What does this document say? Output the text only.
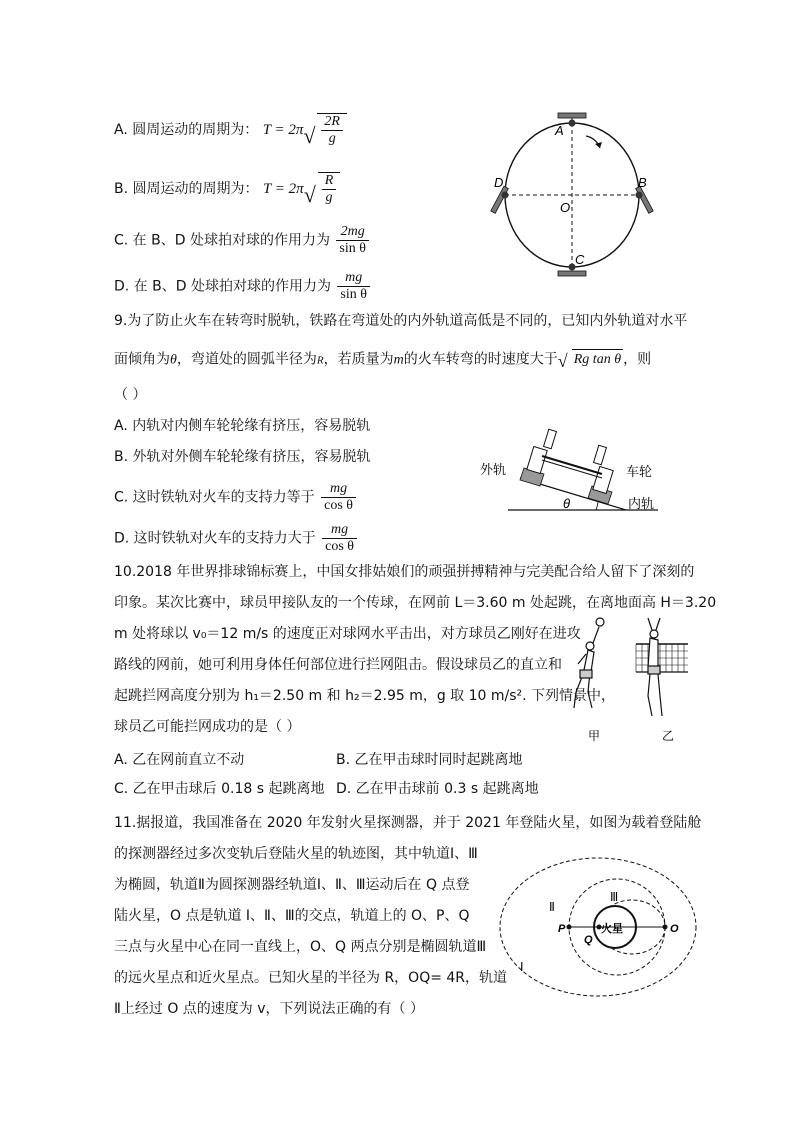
A. 圆周运动的周期为： T = 2π √ $\frac{2R}{g}$
B. 圆周运动的周期为： T = 2π √ $\frac{R}{g}$
C. 在 B、D 处球拍对球的作用力为 $\frac{2mg}{\text{sin θ}}$
D. 在 B、D 处球拍对球的作用力为 $\frac{mg}{\text{sin θ}}$
A
B
C
D
O
9.为了防止火车在转弯时脱轨，铁路在弯道处的内外轨道高低是不同的，已知内外轨道对水平
面倾角为θ，弯道处的圆弧半径为R，若质量为m的火车转弯的时速度大于 √ Rg tan θ ，则
（ ）
A. 内轨对内侧车轮轮缘有挤压，容易脱轨
B. 外轨对外侧车轮轮缘有挤压，容易脱轨
C. 这时铁轨对火车的支持力等于 $\frac{mg}{\text{cos θ}}$
D. 这时铁轨对火车的支持力大于 $\frac{mg}{\text{cos θ}}$
外轨	车轮
内轨
θ
10.2018 年世界排球锦标赛上，中国女排姑娘们的顽强拼搏精神与完美配合给人留下了深刻的
印象。某次比赛中，球员甲接队友的一个传球，在网前 L＝3.60 m 处起跳，在离地面高 H＝3.20
m 处将球以 v₀＝12 m/s 的速度正对球网水平击出，对方球员乙刚好在进攻
路线的网前，她可利用身体任何部位进行拦网阻击。假设球员乙的直立和
起跳拦网高度分别为 h₁＝2.50 m 和 h₂＝2.95 m，g 取 10 m/s². 下列情景中，
球员乙可能拦网成功的是（ ）
A. 乙在网前直立不动	B. 乙在甲击球时同时起跳离地
C. 乙在甲击球后 0.18 s 起跳离地 D. 乙在甲击球前 0.3 s 起跳离地
甲	乙
11.据报道，我国准备在 2020 年发射火星探测器，并于 2021 年登陆火星，如图为载着登陆舱
的探测器经过多次变轨后登陆火星的轨迹图，其中轨道Ⅰ、Ⅲ
为椭圆，轨道Ⅱ为圆探测器经轨道Ⅰ、Ⅱ、Ⅲ运动后在 Q 点登
陆火星，O 点是轨道 Ⅰ、Ⅱ、Ⅲ的交点，轨道上的 O、P、Q
三点与火星中心在同一直线上，O、Q 两点分别是椭圆轨道Ⅲ
的远火星点和近火星点。已知火星的半径为 R，OQ= 4R，轨道
Ⅱ上经过 O 点的速度为 v，下列说法正确的有（ ）
火星
Ⅰ
Ⅱ
Ⅲ
P
Q
O
